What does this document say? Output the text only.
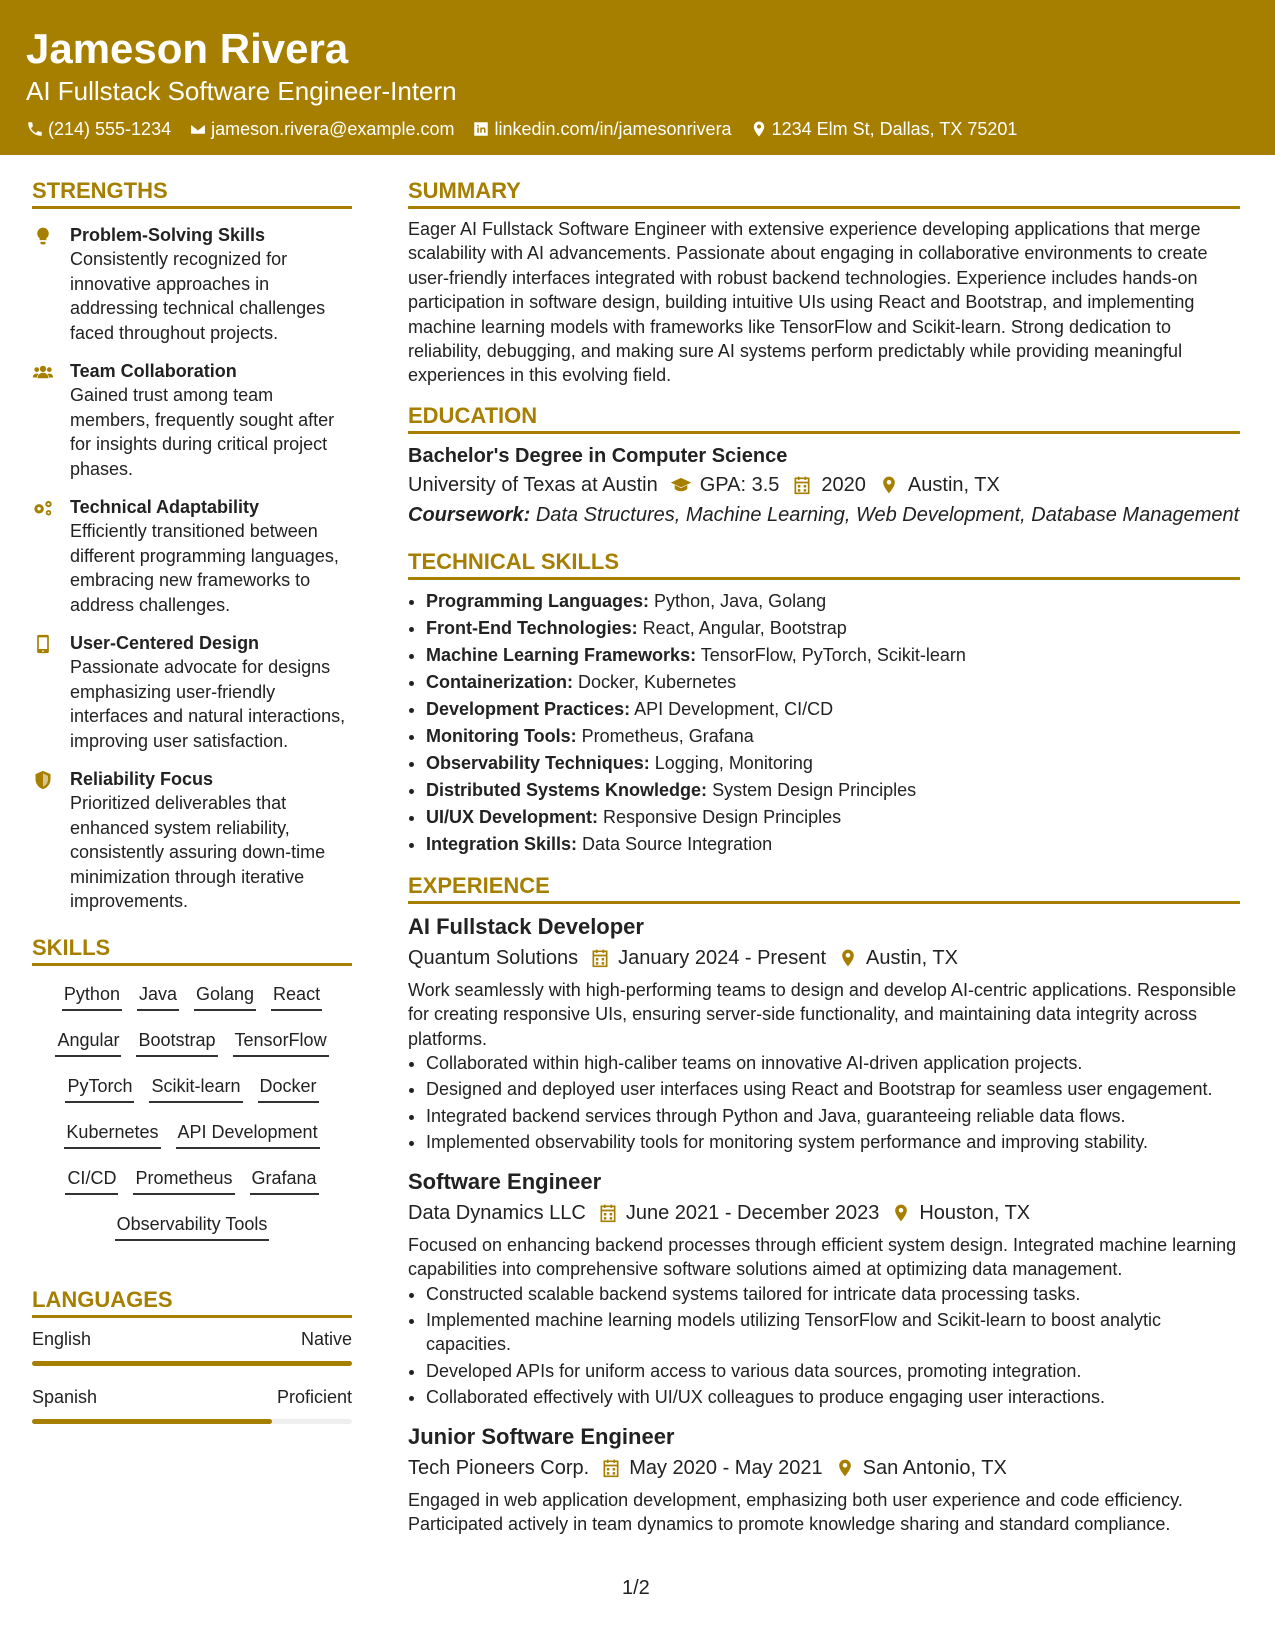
Jameson Rivera
AI Fullstack Software Engineer-Intern
(214) 555-1234 jameson.rivera@example.com linkedin.com/in/jamesonrivera 1234 Elm St, Dallas, TX 75201
STRENGTHS
Problem-Solving Skills
Consistently recognized for innovative approaches in addressing technical challenges faced throughout projects.
Team Collaboration
Gained trust among team members, frequently sought after for insights during critical project phases.
Technical Adaptability
Efficiently transitioned between different programming languages, embracing new frameworks to address challenges.
User-Centered Design
Passionate advocate for designs emphasizing user-friendly interfaces and natural interactions, improving user satisfaction.
Reliability Focus
Prioritized deliverables that enhanced system reliability, consistently assuring down-time minimization through iterative improvements.
SKILLS
Python Java Golang React
Angular Bootstrap TensorFlow
PyTorch Scikit-learn Docker
Kubernetes API Development
CI/CD Prometheus Grafana
Observability Tools
LANGUAGES
English	Native
Spanish	Proficient
SUMMARY

Eager AI Fullstack Software Engineer with extensive experience developing applications that merge scalability with AI advancements. Passionate about engaging in collaborative environments to create user-friendly interfaces integrated with robust backend technologies. Experience includes hands-on participation in software design, building intuitive UIs using React and Bootstrap, and implementing machine learning models with frameworks like TensorFlow and Scikit-learn. Strong dedication to reliability, debugging, and making sure AI systems perform predictably while providing meaningful experiences in this evolving field.

EDUCATION
Bachelor's Degree in Computer Science
University of Texas at Austin GPA: 3.5 2020 Austin, TX
Coursework: Data Structures, Machine Learning, Web Development, Database Management
TECHNICAL SKILLS
• Programming Languages: Python, Java, Golang
• Front-End Technologies: React, Angular, Bootstrap
• Machine Learning Frameworks: TensorFlow, PyTorch, Scikit-learn
• Containerization: Docker, Kubernetes
• Development Practices: API Development, CI/CD
• Monitoring Tools: Prometheus, Grafana
• Observability Techniques: Logging, Monitoring
• Distributed Systems Knowledge: System Design Principles
• UI/UX Development: Responsive Design Principles
• Integration Skills: Data Source Integration
EXPERIENCE
AI Fullstack Developer
Quantum Solutions January 2024 - Present Austin, TX

Work seamlessly with high-performing teams to design and develop AI-centric applications. Responsible for creating responsive UIs, ensuring server-side functionality, and maintaining data integrity across platforms.

• Collaborated within high-caliber teams on innovative AI-driven application projects.
• Designed and deployed user interfaces using React and Bootstrap for seamless user engagement.
• Integrated backend services through Python and Java, guaranteeing reliable data flows.
• Implemented observability tools for monitoring system performance and improving stability.
Software Engineer
Data Dynamics LLC June 2021 - December 2023 Houston, TX

Focused on enhancing backend processes through efficient system design. Integrated machine learning capabilities into comprehensive software solutions aimed at optimizing data management.

• Constructed scalable backend systems tailored for intricate data processing tasks.
• Implemented machine learning models utilizing TensorFlow and Scikit-learn to boost analytic capacities.
• Developed APIs for uniform access to various data sources, promoting integration.
• Collaborated effectively with UI/UX colleagues to produce engaging user interactions.
Junior Software Engineer
Tech Pioneers Corp. May 2020 - May 2021 San Antonio, TX

Engaged in web application development, emphasizing both user experience and code efficiency. Participated actively in team dynamics to promote knowledge sharing and standard compliance.

1/2
